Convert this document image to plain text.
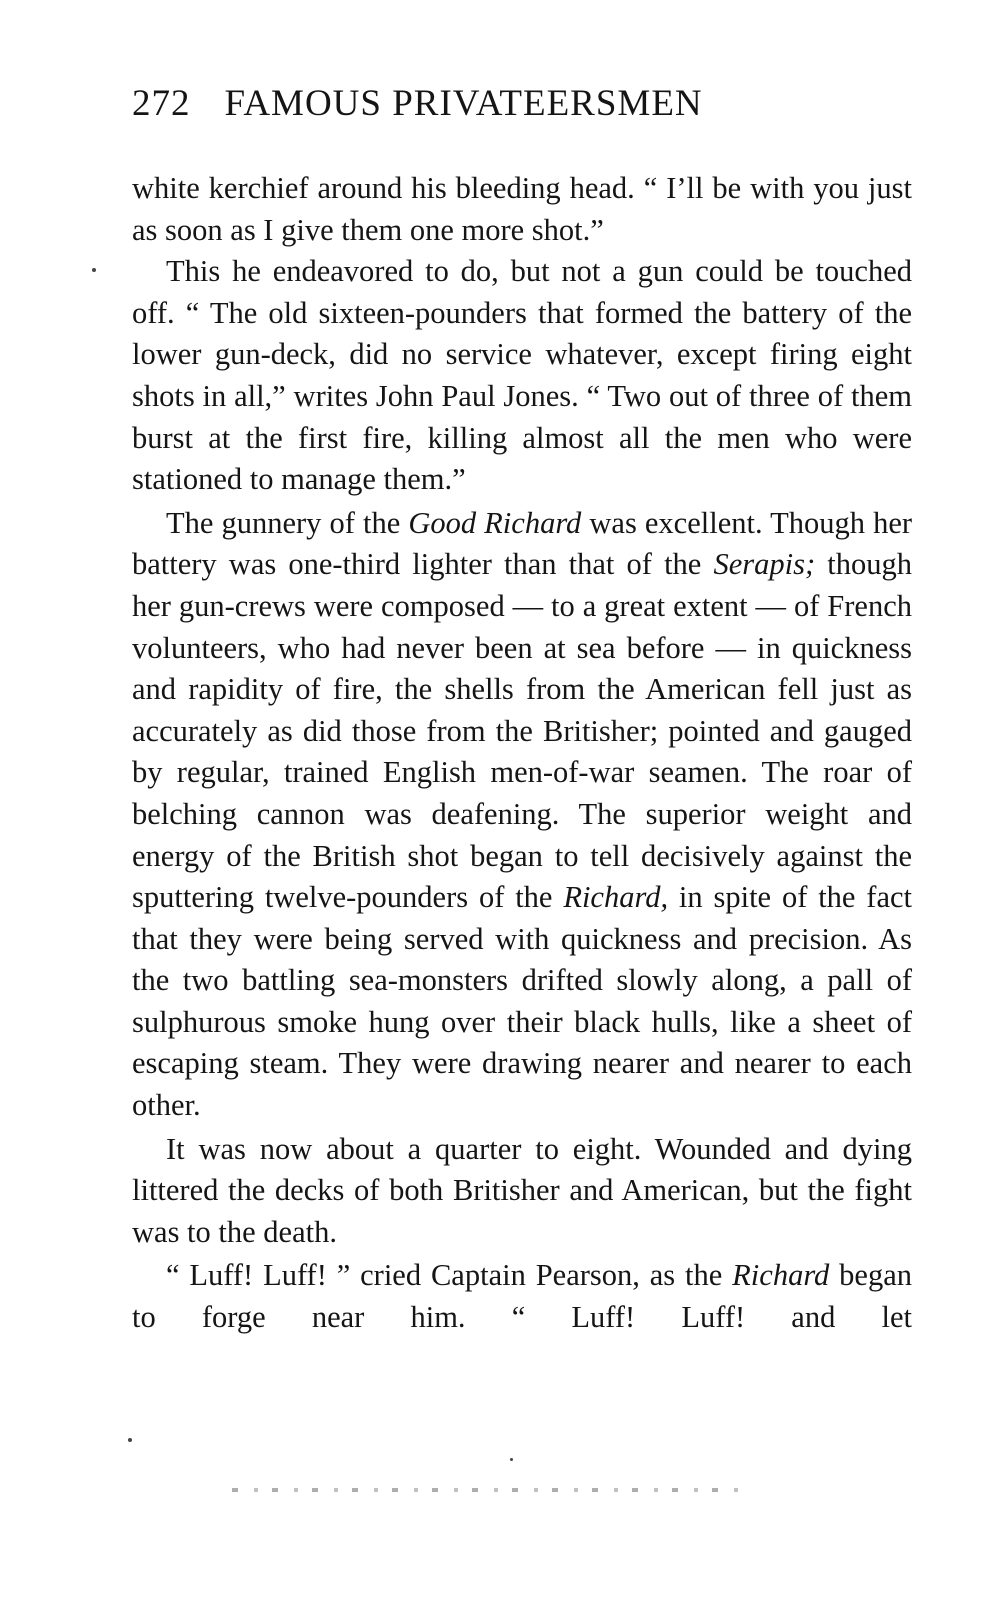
272 FAMOUS PRIVATEERSMEN

white kerchief around his bleeding head. “ I’ll be with you just as soon as I give them one more shot.”

This he endeavored to do, but not a gun could be touched off. “ The old sixteen-pounders that formed the battery of the lower gun-deck, did no service whatever, except firing eight shots in all,” writes John Paul Jones. “ Two out of three of them burst at the first fire, killing almost all the men who were stationed to manage them.”

The gunnery of the Good Richard was excellent. Though her battery was one-third lighter than that of the Serapis; though her gun-crews were composed — to a great extent — of French volunteers, who had never been at sea before — in quickness and rapidity of fire, the shells from the American fell just as accurately as did those from the Britisher; pointed and gauged by regular, trained English men-of-war seamen. The roar of belching cannon was deafening. The superior weight and energy of the British shot began to tell decisively against the sputtering twelve-pounders of the Richard, in spite of the fact that they were being served with quickness and precision. As the two battling sea-monsters drifted slowly along, a pall of sulphurous smoke hung over their black hulls, like a sheet of escaping steam. They were drawing nearer and nearer to each other.

It was now about a quarter to eight. Wounded and dying littered the decks of both Britisher and American, but the fight was to the death.

“ Luff! Luff! ” cried Captain Pearson, as the Richard began to forge near him. “ Luff! Luff! and let
